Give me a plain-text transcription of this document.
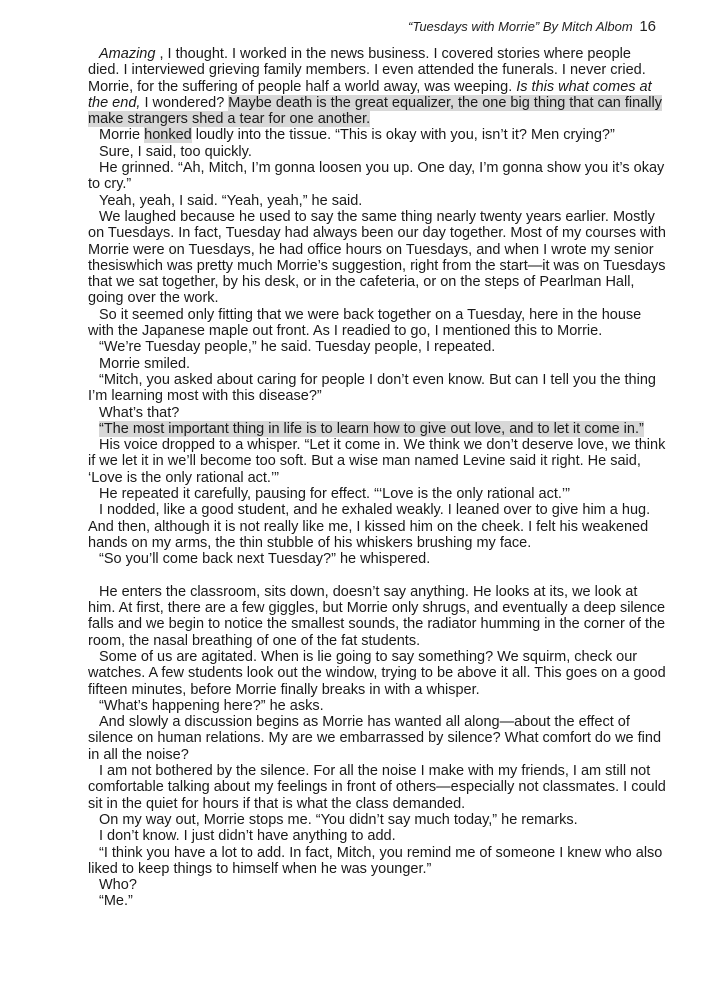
“Tuesdays with Morrie” By Mitch Albom 16

Amazing , I thought. I worked in the news business. I covered stories where people died. I interviewed grieving family members. I even attended the funerals. I never cried. Morrie, for the suffering of people half a world away, was weeping. Is this what comes at the end, I wondered? Maybe death is the great equalizer, the one big thing that can finally make strangers shed a tear for one another.

Morrie honked loudly into the tissue. “This is okay with you, isn’t it? Men crying?”

Sure, I said, too quickly.

He grinned. “Ah, Mitch, I’m gonna loosen you up. One day, I’m gonna show you it’s okay to cry.”

Yeah, yeah, I said. “Yeah, yeah,” he said.

We laughed because he used to say the same thing nearly twenty years earlier. Mostly on Tuesdays. In fact, Tuesday had always been our day together. Most of my courses with Morrie were on Tuesdays, he had office hours on Tuesdays, and when I wrote my senior thesiswhich was pretty much Morrie’s suggestion, right from the start—it was on Tuesdays that we sat together, by his desk, or in the cafeteria, or on the steps of Pearlman Hall, going over the work.

So it seemed only fitting that we were back together on a Tuesday, here in the house with the Japanese maple out front. As I readied to go, I mentioned this to Morrie.

“We’re Tuesday people,” he said. Tuesday people, I repeated.

Morrie smiled.

“Mitch, you asked about caring for people I don’t even know. But can I tell you the thing I’m learning most with this disease?”

What’s that?

“The most important thing in life is to learn how to give out love, and to let it come in.”

His voice dropped to a whisper. “Let it come in. We think we don’t deserve love, we think if we let it in we’ll become too soft. But a wise man named Levine said it right. He said, ‘Love is the only rational act.’”

He repeated it carefully, pausing for effect. “‘Love is the only rational act.’”

I nodded, like a good student, and he exhaled weakly. I leaned over to give him a hug. And then, although it is not really like me, I kissed him on the cheek. I felt his weakened hands on my arms, the thin stubble of his whiskers brushing my face.

“So you’ll come back next Tuesday?” he whispered.

He enters the classroom, sits down, doesn’t say anything. He looks at its, we look at him. At first, there are a few giggles, but Morrie only shrugs, and eventually a deep silence falls and we begin to notice the smallest sounds, the radiator humming in the corner of the room, the nasal breathing of one of the fat students.

Some of us are agitated. When is lie going to say something? We squirm, check our watches. A few students look out the window, trying to be above it all. This goes on a good fifteen minutes, before Morrie finally breaks in with a whisper.

“What’s happening here?” he asks.

And slowly a discussion begins as Morrie has wanted all along—about the effect of silence on human relations. My are we embarrassed by silence? What comfort do we find in all the noise?

I am not bothered by the silence. For all the noise I make with my friends, I am still not comfortable talking about my feelings in front of others—especially not classmates. I could sit in the quiet for hours if that is what the class demanded.

On my way out, Morrie stops me. “You didn’t say much today,” he remarks.

I don’t know. I just didn’t have anything to add.

“I think you have a lot to add. In fact, Mitch, you remind me of someone I knew who also liked to keep things to himself when he was younger.”

Who?

“Me.”
